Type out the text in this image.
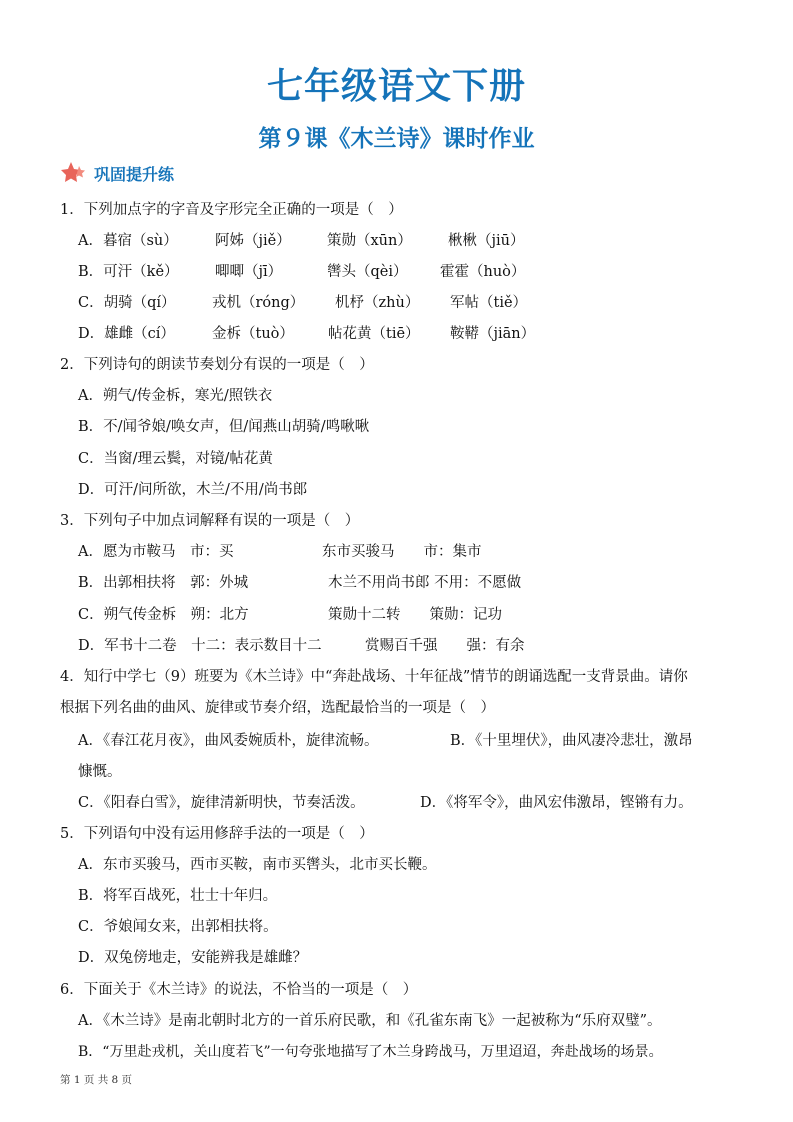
七年级语文下册
第９课《木兰诗》课时作业
巩固提升练
1．下列加点字的字音及字形完全正确的一项是（　）
A．暮宿（sù）	阿姊（jiě）	策勋（xūn） 楸楸（jiū）
B．可汗（kě）	唧唧（jī）	辔头（qèi） 霍霍（huò）
C．胡骑（qí）	戎机（róng） 机杼（zhù） 军帖（tiě）
D．雄雌（cí）	金柝（tuò） 帖花黄（tiē） 鞍鞯（jiān）
2．下列诗句的朗读节奏划分有误的一项是（　）
A．朔气/传金柝，寒光/照铁衣
B．不/闻爷娘/唤女声，但/闻燕山胡骑/鸣啾啾
C．当窗/理云鬓，对镜/帖花黄
D．可汗/问所欲，木兰/不用/尚书郎
3．下列句子中加点词解释有误的一项是（　）
A．愿为市鞍马　市：买	东市买骏马　　市：集市
B．出郭相扶将　郭：外城	木兰不用尚书郎 不用：不愿做
C．朔气传金柝　朔：北方	策勋十二转　　策勋：记功
D．军书十二卷　十二：表示数目十二	赏赐百千强　　强：有余
4．知行中学七（9）班要为《木兰诗》中“奔赴战场、十年征战”情节的朗诵选配一支背景曲。请你
根据下列名曲的曲风、旋律或节奏介绍，选配最恰当的一项是（　）
A．《春江花月夜》，曲风委婉质朴，旋律流畅。	B．《十里埋伏》，曲风凄冷悲壮，激昂
慷慨。
C．《阳春白雪》，旋律清新明快，节奏活泼。	D．《将军令》，曲风宏伟激昂，铿锵有力。
5．下列语句中没有运用修辞手法的一项是（　）
A．东市买骏马，西市买鞍，南市买辔头，北市买长鞭。
B．将军百战死，壮士十年归。
C．爷娘闻女来，出郭相扶将。
D．双兔傍地走，安能辨我是雄雌？
6．下面关于《木兰诗》的说法，不恰当的一项是（　）
A．《木兰诗》是南北朝时北方的一首乐府民歌，和《孔雀东南飞》一起被称为“乐府双璧”。
B．“万里赴戎机，关山度若飞”一句夸张地描写了木兰身跨战马，万里迢迢，奔赴战场的场景。
第 1 页 共 8 页
